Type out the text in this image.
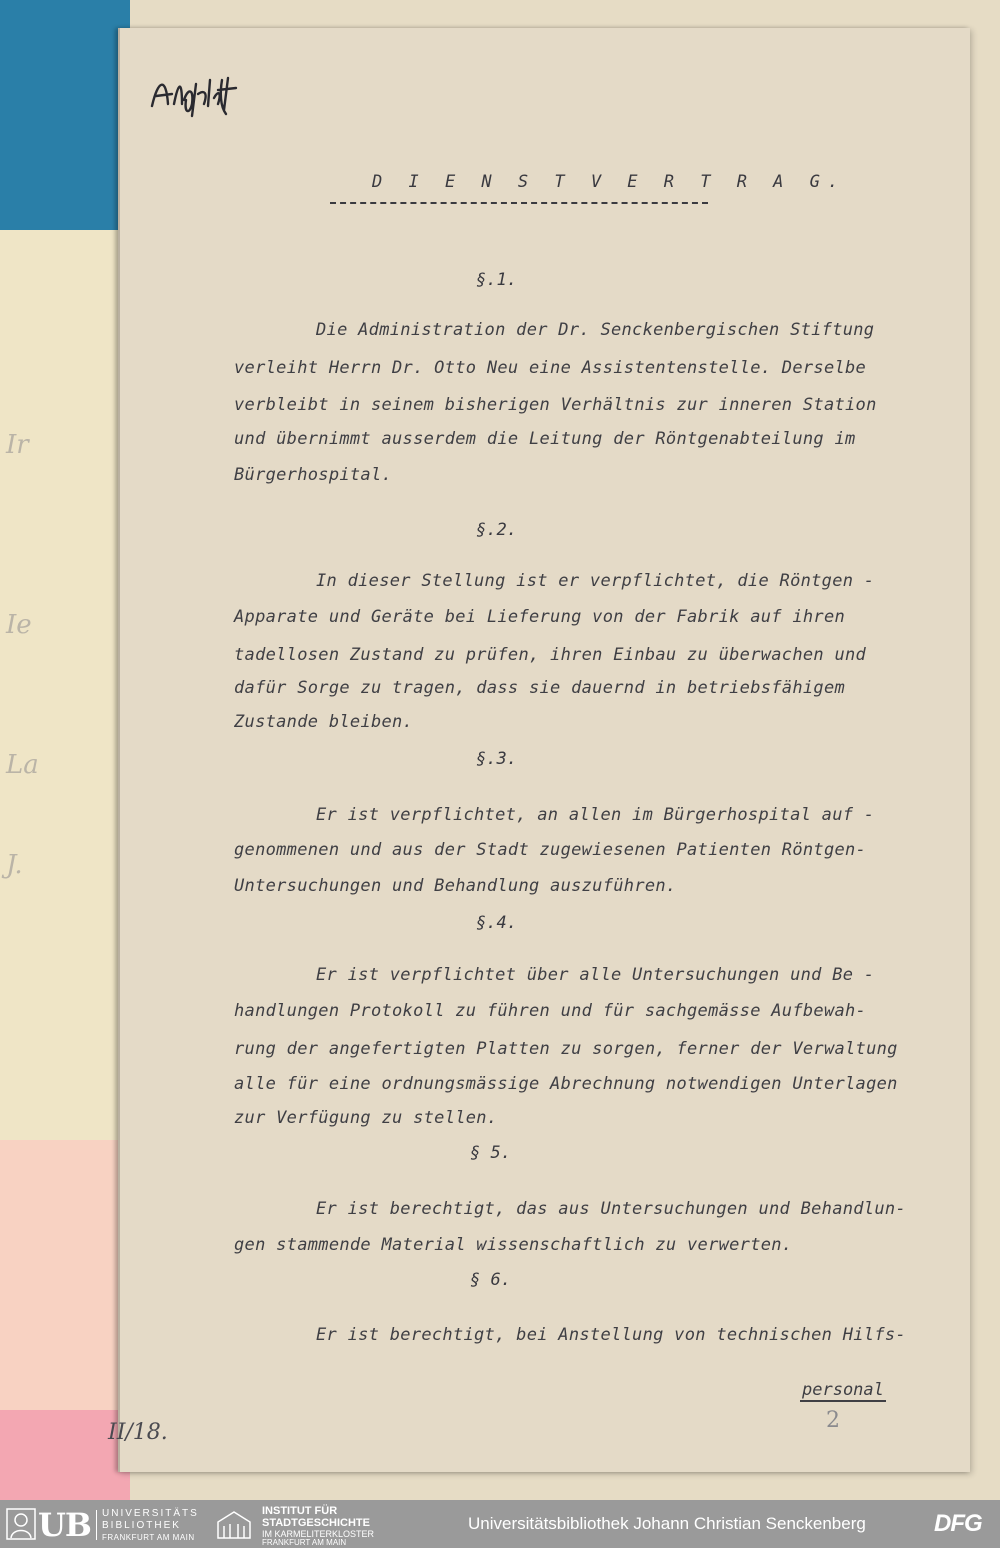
Ir
Ie
La
J.
D I E N S T V E R T R A G.
§.1.
Die Administration der Dr. Senckenbergischen Stiftung
verleiht Herrn Dr. Otto Neu eine Assistentenstelle. Derselbe
verbleibt in seinem bisherigen Verhältnis zur inneren Station
und übernimmt ausserdem die Leitung der Röntgenabteilung im
Bürgerhospital.
§.2.
In dieser Stellung ist er verpflichtet, die Röntgen -
Apparate und Geräte bei Lieferung von der Fabrik auf ihren
tadellosen Zustand zu prüfen, ihren Einbau zu überwachen und
dafür Sorge zu tragen, dass sie dauernd in betriebsfähigem
Zustande bleiben.
§.3.
Er ist verpflichtet, an allen im Bürgerhospital auf -
genommenen und aus der Stadt zugewiesenen Patienten Röntgen-
Untersuchungen und Behandlung auszuführen.
§.4.
Er ist verpflichtet über alle Untersuchungen und Be -
handlungen Protokoll zu führen und für sachgemässe Aufbewah-
rung der angefertigten Platten zu sorgen, ferner der Verwaltung
alle für eine ordnungsmässige Abrechnung notwendigen Unterlagen
zur Verfügung zu stellen.
§ 5.
Er ist berechtigt, das aus Untersuchungen und Behandlun-
gen stammende Material wissenschaftlich zu verwerten.
§ 6.
Er ist berechtigt, bei Anstellung von technischen Hilfs-
personal
II/18.	2
UB UNIVERSITÄTS
BIBLIOTHEK
FRANKFURT AM MAIN
INSTITUT FÜR
STADTGESCHICHTE
IM KARMELITERKLOSTER
FRANKFURT AM MAIN
Universitätsbibliothek Johann Christian Senckenberg	DFG
